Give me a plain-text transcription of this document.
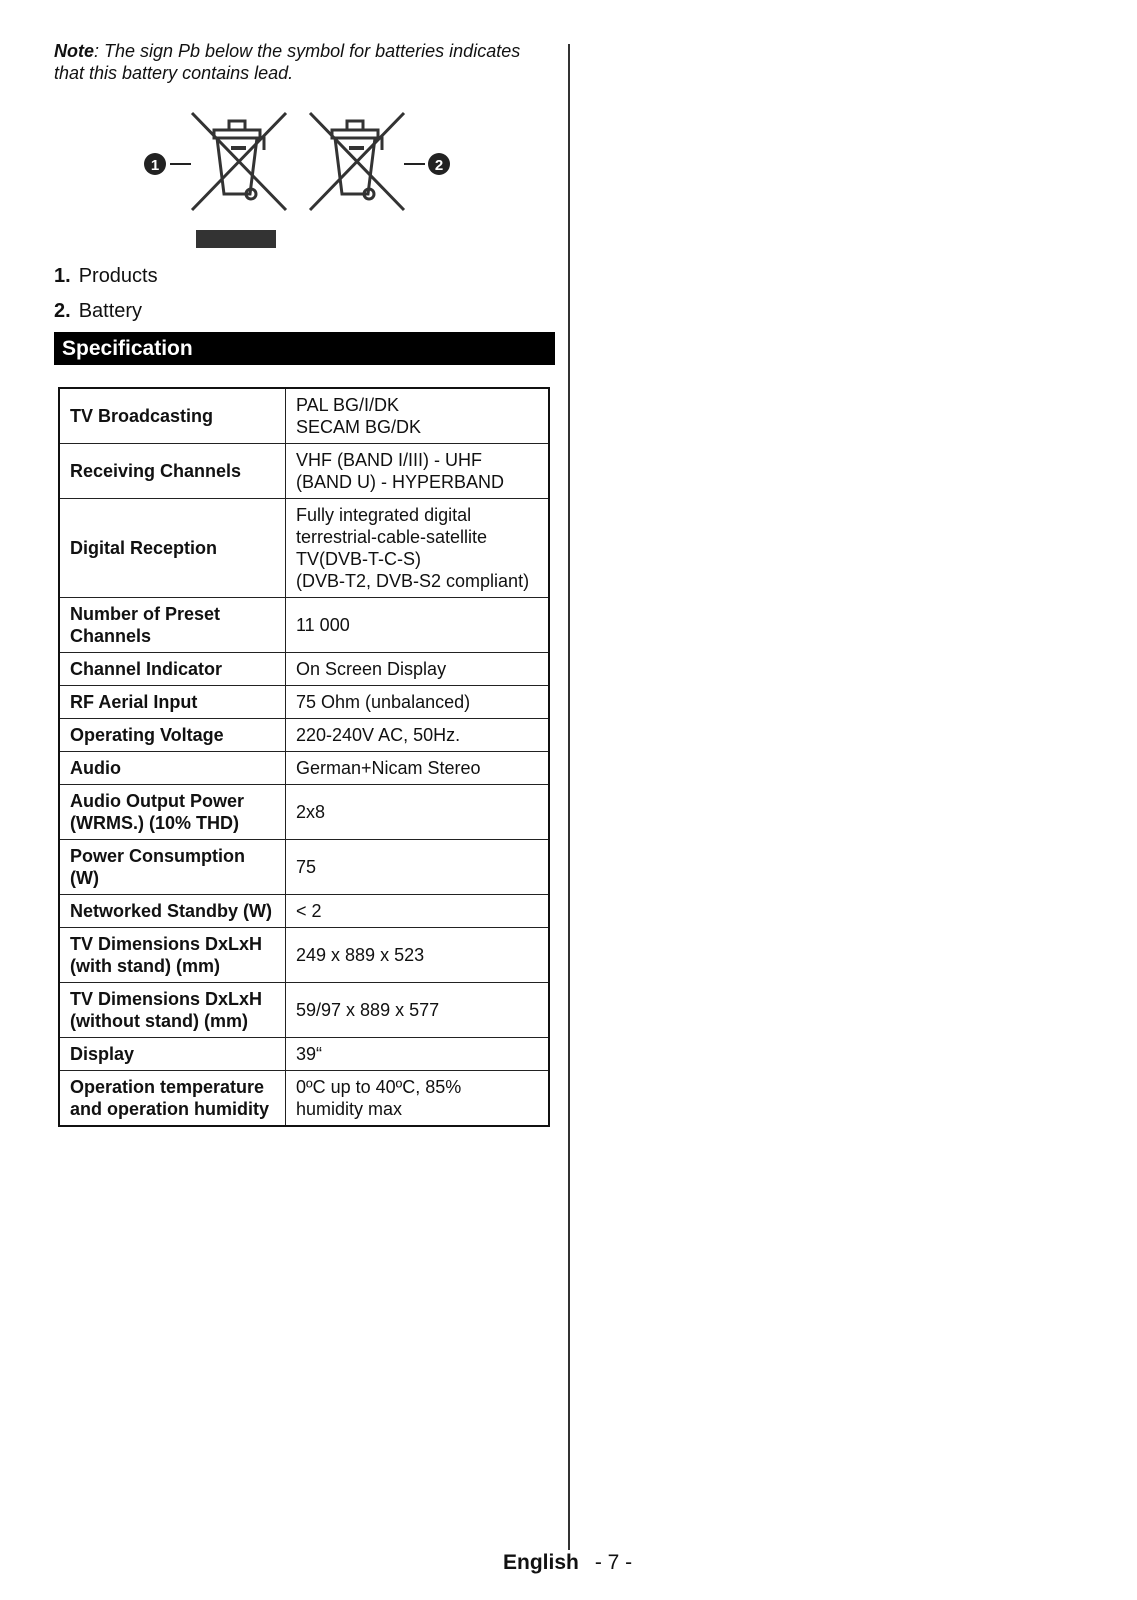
Note: The sign Pb below the symbol for batteries indicates that this battery contains lead.
1	2
1. Products
2. Battery
Specification
TV Broadcasting	PAL BG/I/DK
SECAM BG/DK
Receiving Channels	VHF (BAND I/III) - UHF
(BAND U) - HYPERBAND
Digital Reception	Fully integrated digital
terrestrial-cable-satellite
TV(DVB-T-C-S)
(DVB-T2, DVB-S2 compliant)
Number of Preset Channels	11 000
Channel Indicator	On Screen Display
RF Aerial Input	75 Ohm (unbalanced)
Operating Voltage	220-240V AC, 50Hz.
Audio	German+Nicam Stereo
Audio Output Power (WRMS.) (10% THD)	2x8
Power Consumption (W)	75
Networked Standby (W)	< 2
TV Dimensions DxLxH (with stand) (mm)	249 x 889 x 523
TV Dimensions DxLxH (without stand) (mm)	59/97 x 889 x 577
Display	39“
Operation temperature and operation humidity	0ºC up to 40ºC, 85%
humidity max
English - 7 -
